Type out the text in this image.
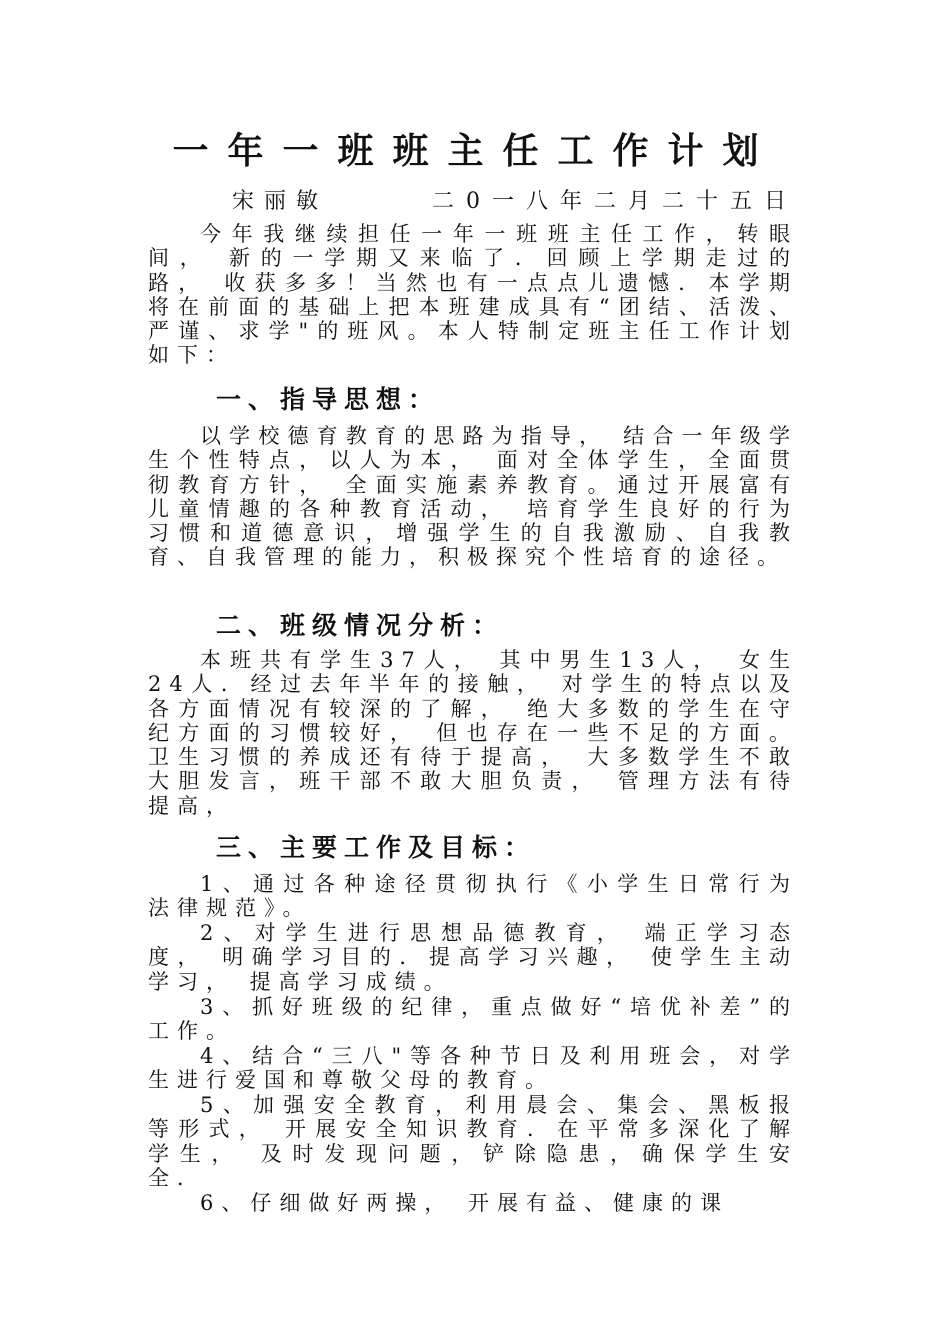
一年一班班主任工作计划
宋丽敏	二0一八年二月二十五日

今年我继续担任一年一班班主任工作，转眼间， 新的一学期又来临了．回顾上学期走过的路， 收获多多！当然也有一点点儿遗憾．本学期将在前面的基础上把本班建成具有“团结、活泼、严谨、求学"的班风。本人特制定班主任工作计划如下：

一、指导思想：

以学校德育教育的思路为指导， 结合一年级学生个性特点，以人为本， 面对全体学生，全面贯彻教育方针， 全面实施素养教育。通过开展富有儿童情趣的各种教育活动， 培育学生良好的行为习惯和道德意识，增强学生的自我激励、自我教育、自我管理的能力，积极探究个性培育的途径。

二、班级情况分析：

本班共有学生37人， 其中男生13人， 女生24人．经过去年半年的接触， 对学生的特点以及各方面情况有较深的了解， 绝大多数的学生在守纪方面的习惯较好， 但也存在一些不足的方面。卫生习惯的养成还有待于提高， 大多数学生不敢大胆发言，班干部不敢大胆负责， 管理方法有待提高，

三、主要工作及目标：

1、通过各种途径贯彻执行《小学生日常行为法律规范》。

2、对学生进行思想品德教育， 端正学习态度， 明确学习目的．提高学习兴趣， 使学生主动学习， 提高学习成绩。

3、抓好班级的纪律，重点做好“培优补差”的工作。

4、结合“三八"等各种节日及利用班会，对学生进行爱国和尊敬父母的教育。

5、加强安全教育，利用晨会、集会、黑板报等形式， 开展安全知识教育．在平常多深化了解学生， 及时发现问题，铲除隐患，确保学生安全．

6、仔细做好两操， 开展有益、健康的课
